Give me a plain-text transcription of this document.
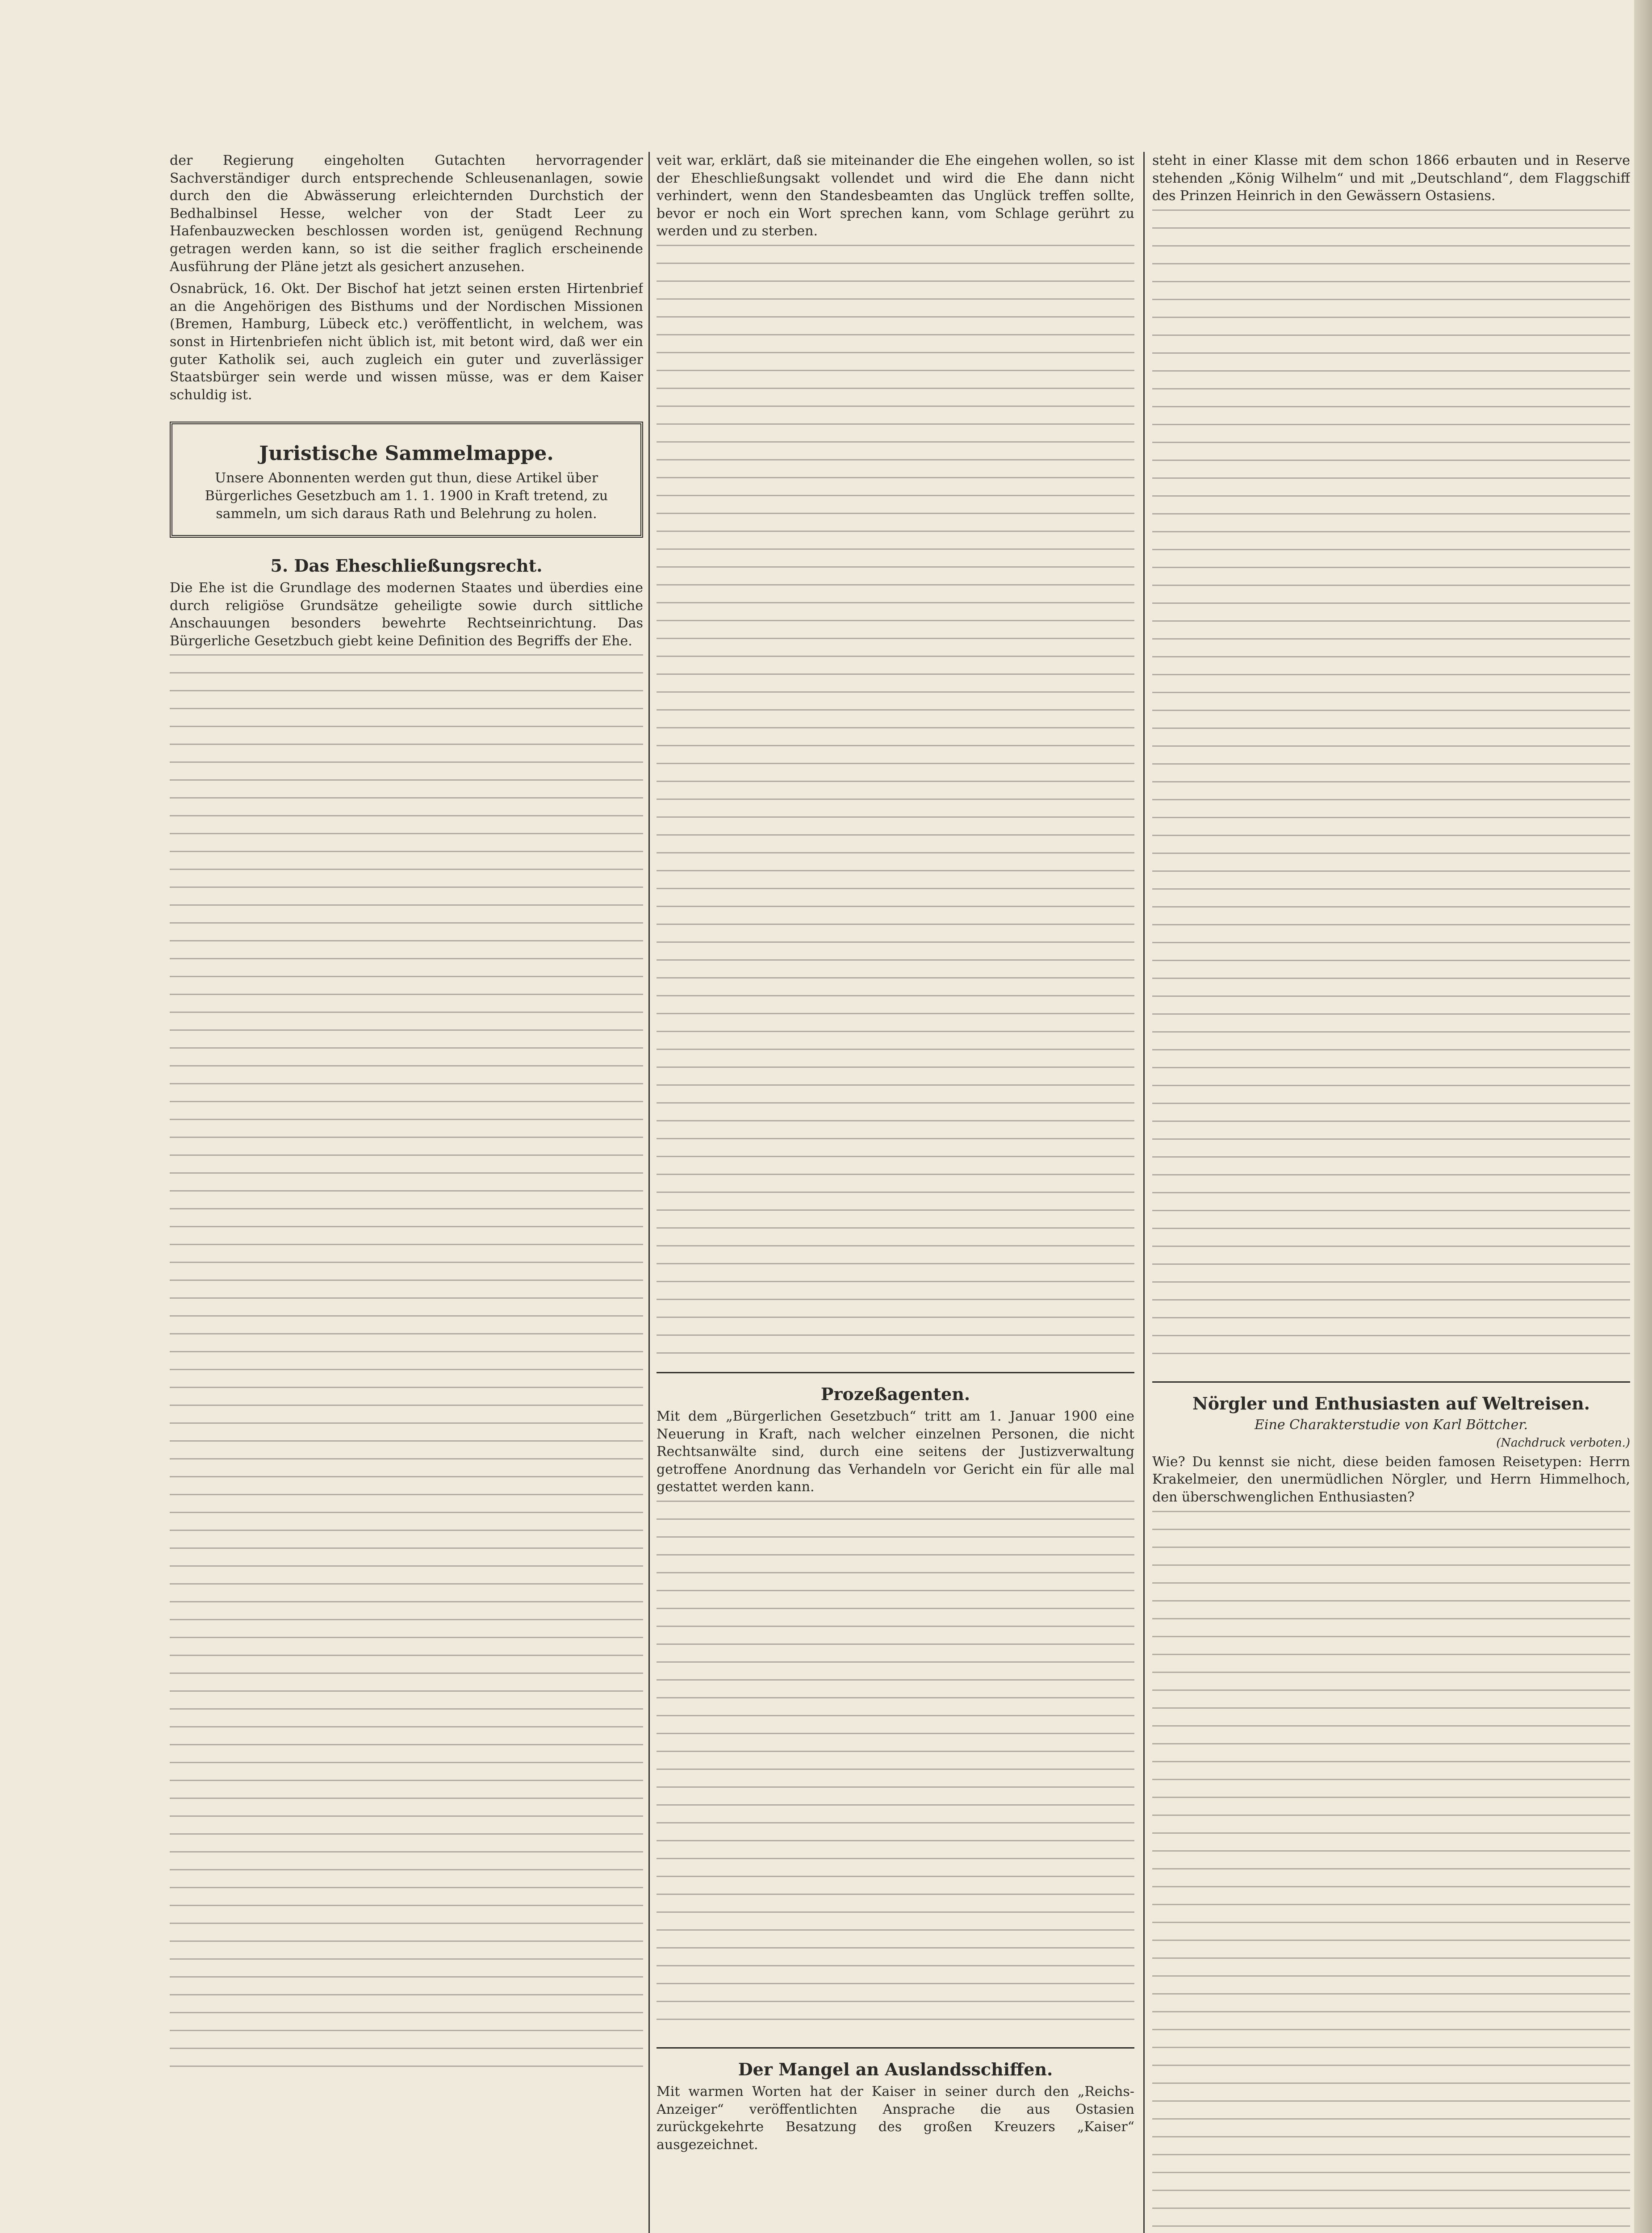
der Regierung eingeholten Gutachten hervorragender Sachverständiger durch entsprechende Schleusenanlagen, sowie durch den die Abwässerung erleichternden Durchstich der Bedhalbinsel Hesse, welcher von der Stadt Leer zu Hafenbauzwecken beschlossen worden ist, genügend Rechnung getragen werden kann, so ist die seither fraglich erscheinende Ausführung der Pläne jetzt als gesichert anzusehen.

Osnabrück, 16. Okt. Der Bischof hat jetzt seinen ersten Hirtenbrief an die Angehörigen des Bisthums und der Nordischen Missionen (Bremen, Hamburg, Lübeck etc.) veröffentlicht, in welchem, was sonst in Hirtenbriefen nicht üblich ist, mit betont wird, daß wer ein guter Katholik sei, auch zugleich ein guter und zuverlässiger Staatsbürger sein werde und wissen müsse, was er dem Kaiser schuldig ist.

Juristische Sammelmappe.
Unsere Abonnenten werden gut thun, diese Artikel über Bürgerliches Gesetzbuch am 1. 1. 1900 in Kraft tretend, zu sammeln, um sich daraus Rath und Belehrung zu holen.
5. Das Eheschließungsrecht.

Die Ehe ist die Grundlage des modernen Staates und überdies eine durch religiöse Grundsätze geheiligte sowie durch sittliche Anschauungen besonders bewehrte Rechtseinrichtung. Das Bürgerliche Gesetzbuch giebt keine Definition des Begriffs der Ehe.

veit war, erklärt, daß sie miteinander die Ehe eingehen wollen, so ist der Eheschließungsakt vollendet und wird die Ehe dann nicht verhindert, wenn den Standesbeamten das Unglück treffen sollte, bevor er noch ein Wort sprechen kann, vom Schlage gerührt zu werden und zu sterben.

Prozeßagenten.

Mit dem „Bürgerlichen Gesetzbuch“ tritt am 1. Januar 1900 eine Neuerung in Kraft, nach welcher einzelnen Personen, die nicht Rechtsanwälte sind, durch eine seitens der Justizverwaltung getroffene Anordnung das Verhandeln vor Gericht ein für alle mal gestattet werden kann.

Der Mangel an Auslandsschiffen.

Mit warmen Worten hat der Kaiser in seiner durch den „Reichs-Anzeiger“ veröffentlichten Ansprache die aus Ostasien zurückgekehrte Besatzung des großen Kreuzers „Kaiser“ ausgezeichnet.

steht in einer Klasse mit dem schon 1866 erbauten und in Reserve stehenden „König Wilhelm“ und mit „Deutschland“, dem Flaggschiff des Prinzen Heinrich in den Gewässern Ostasiens.

Nörgler und Enthusiasten auf Weltreisen.
Eine Charakterstudie von Karl Böttcher.
(Nachdruck verboten.)

Wie? Du kennst sie nicht, diese beiden famosen Reisetypen: Herrn Krakelmeier, den unermüdlichen Nörgler, und Herrn Himmelhoch, den überschwenglichen Enthusiasten?
